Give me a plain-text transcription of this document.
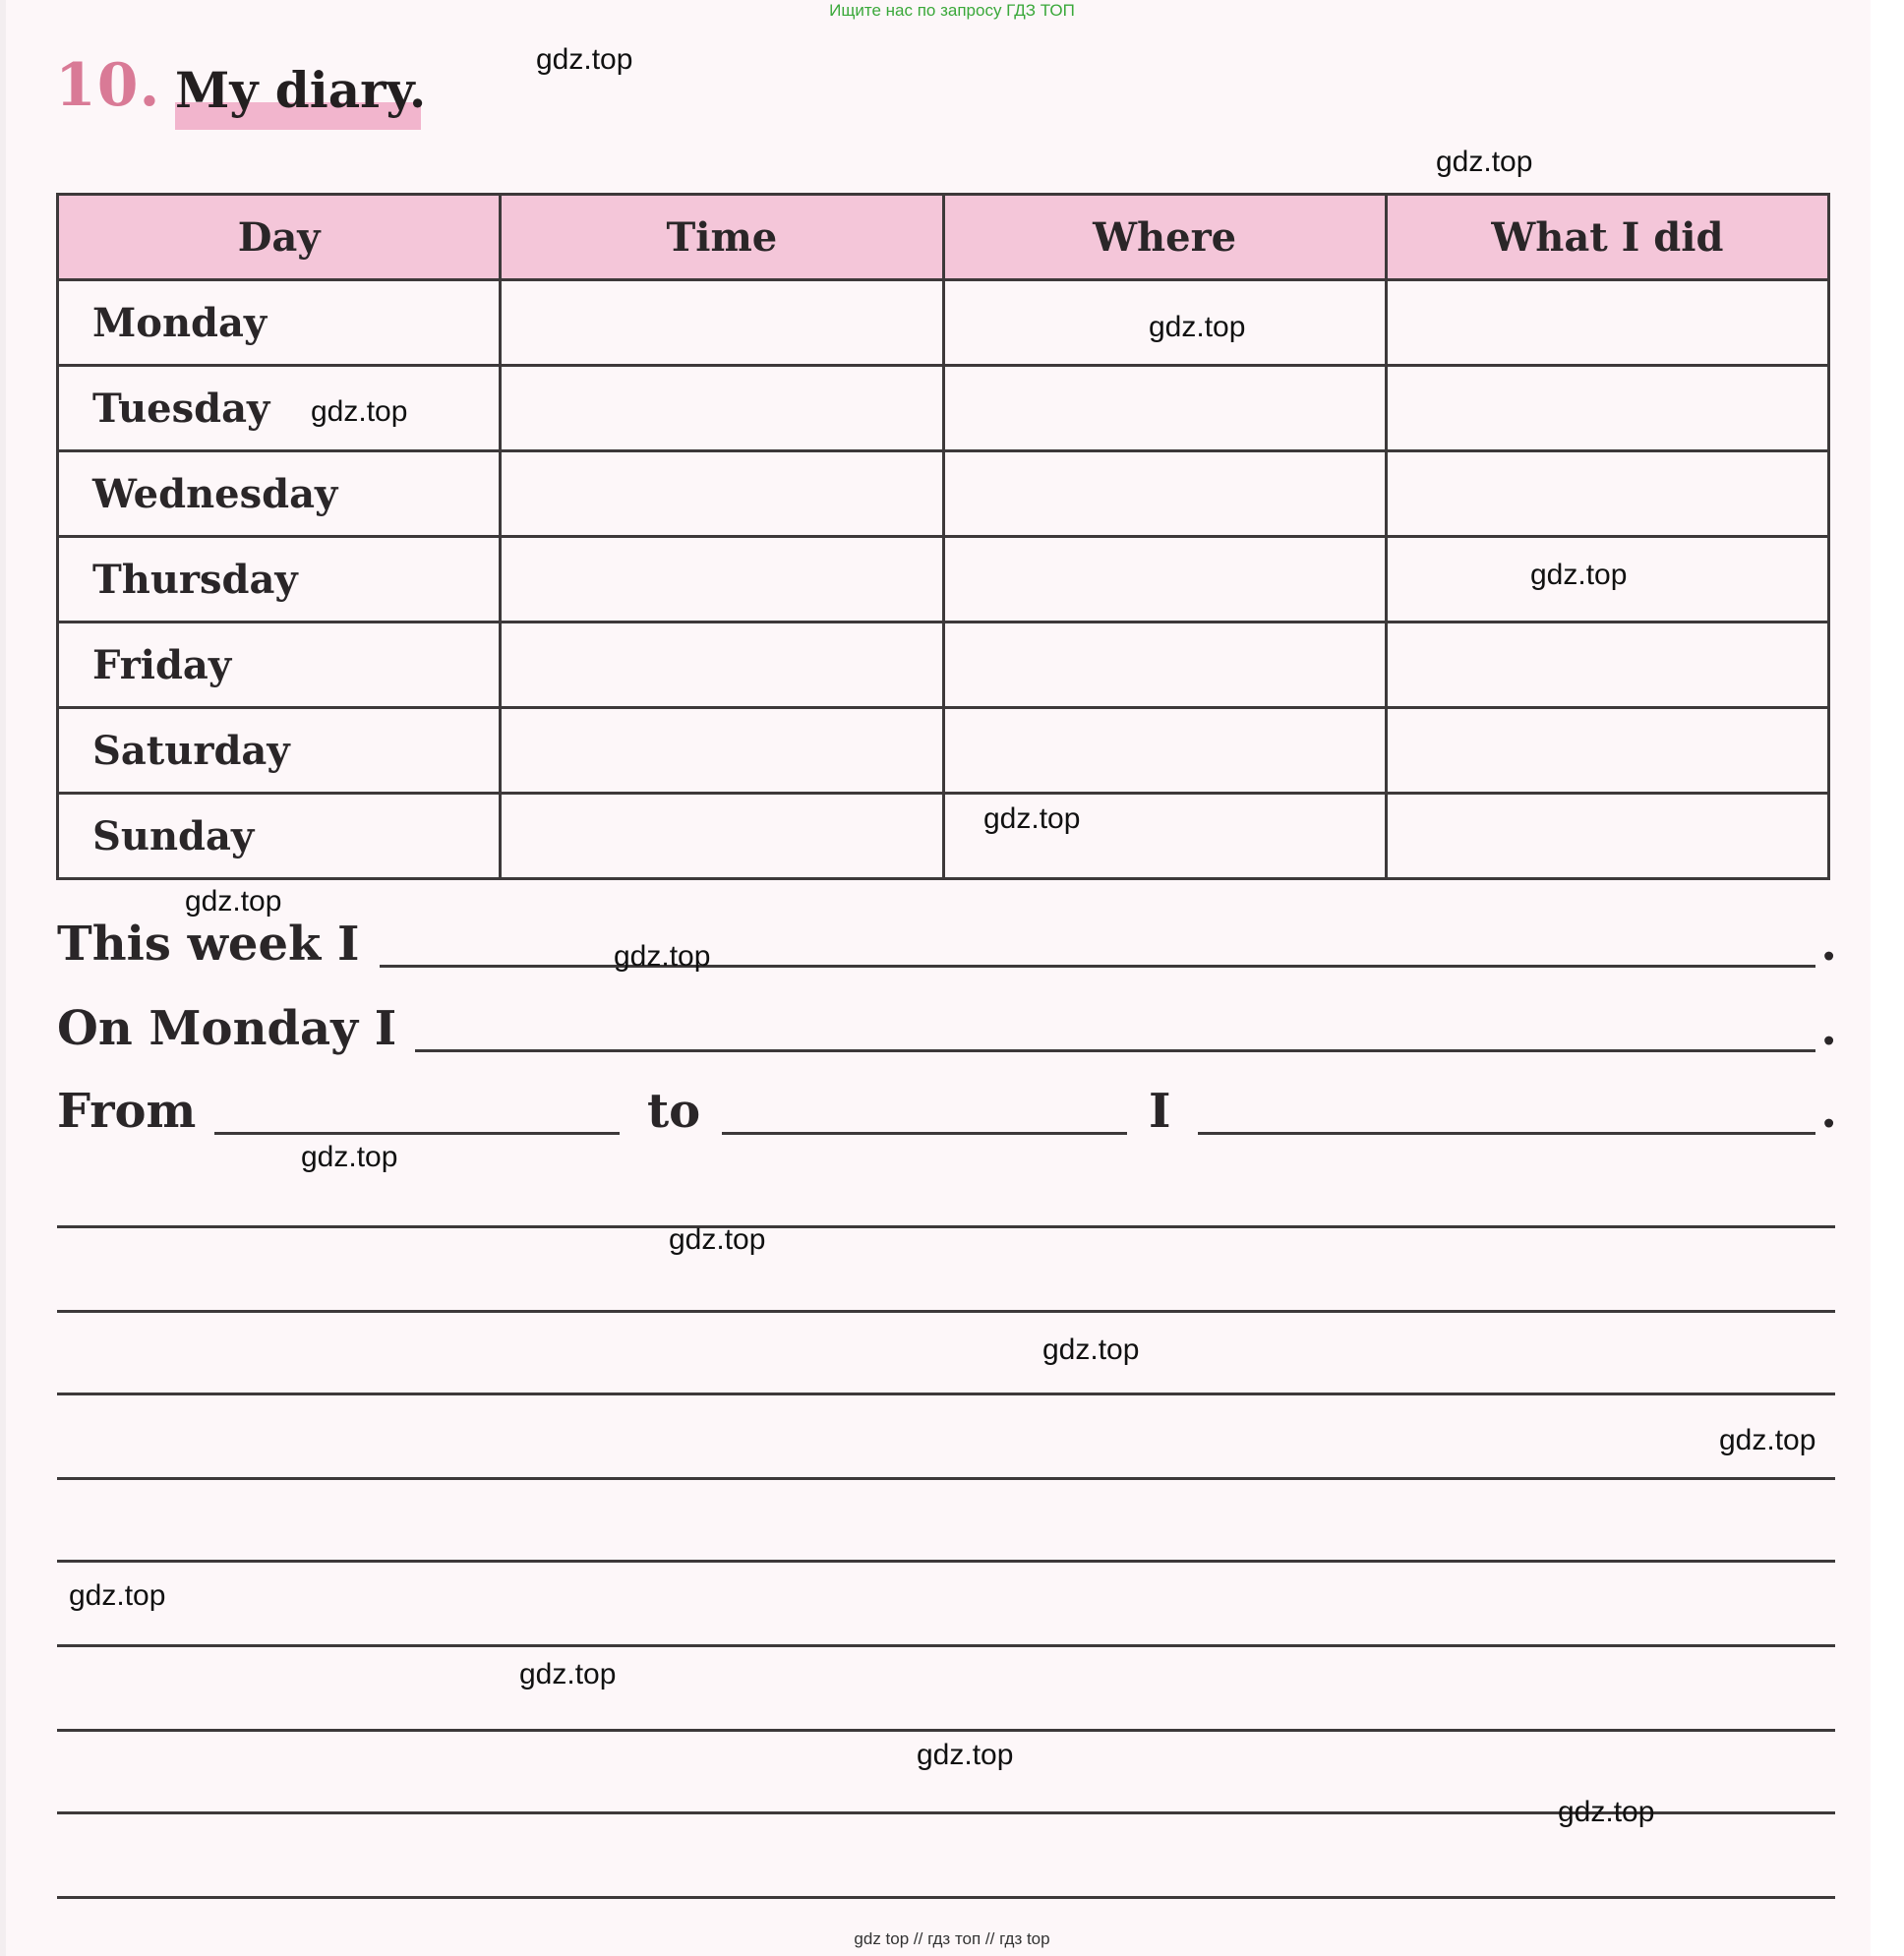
Ищите нас по запросу ГДЗ ТОП
10. My diary.
Day	Time	Where	What I did
Monday			
Tuesday			
Wednesday			
Thursday			
Friday			
Saturday			
Sunday			
This week I	.
On Monday I	.
From	to	I	.
gdz.top
gdz.top
gdz.top
gdz.top
gdz.top
gdz.top
gdz.top
gdz.top
gdz.top
gdz.top
gdz.top
gdz.top
gdz.top
gdz.top
gdz.top
gdz.top
gdz top // гдз топ // гдз top
